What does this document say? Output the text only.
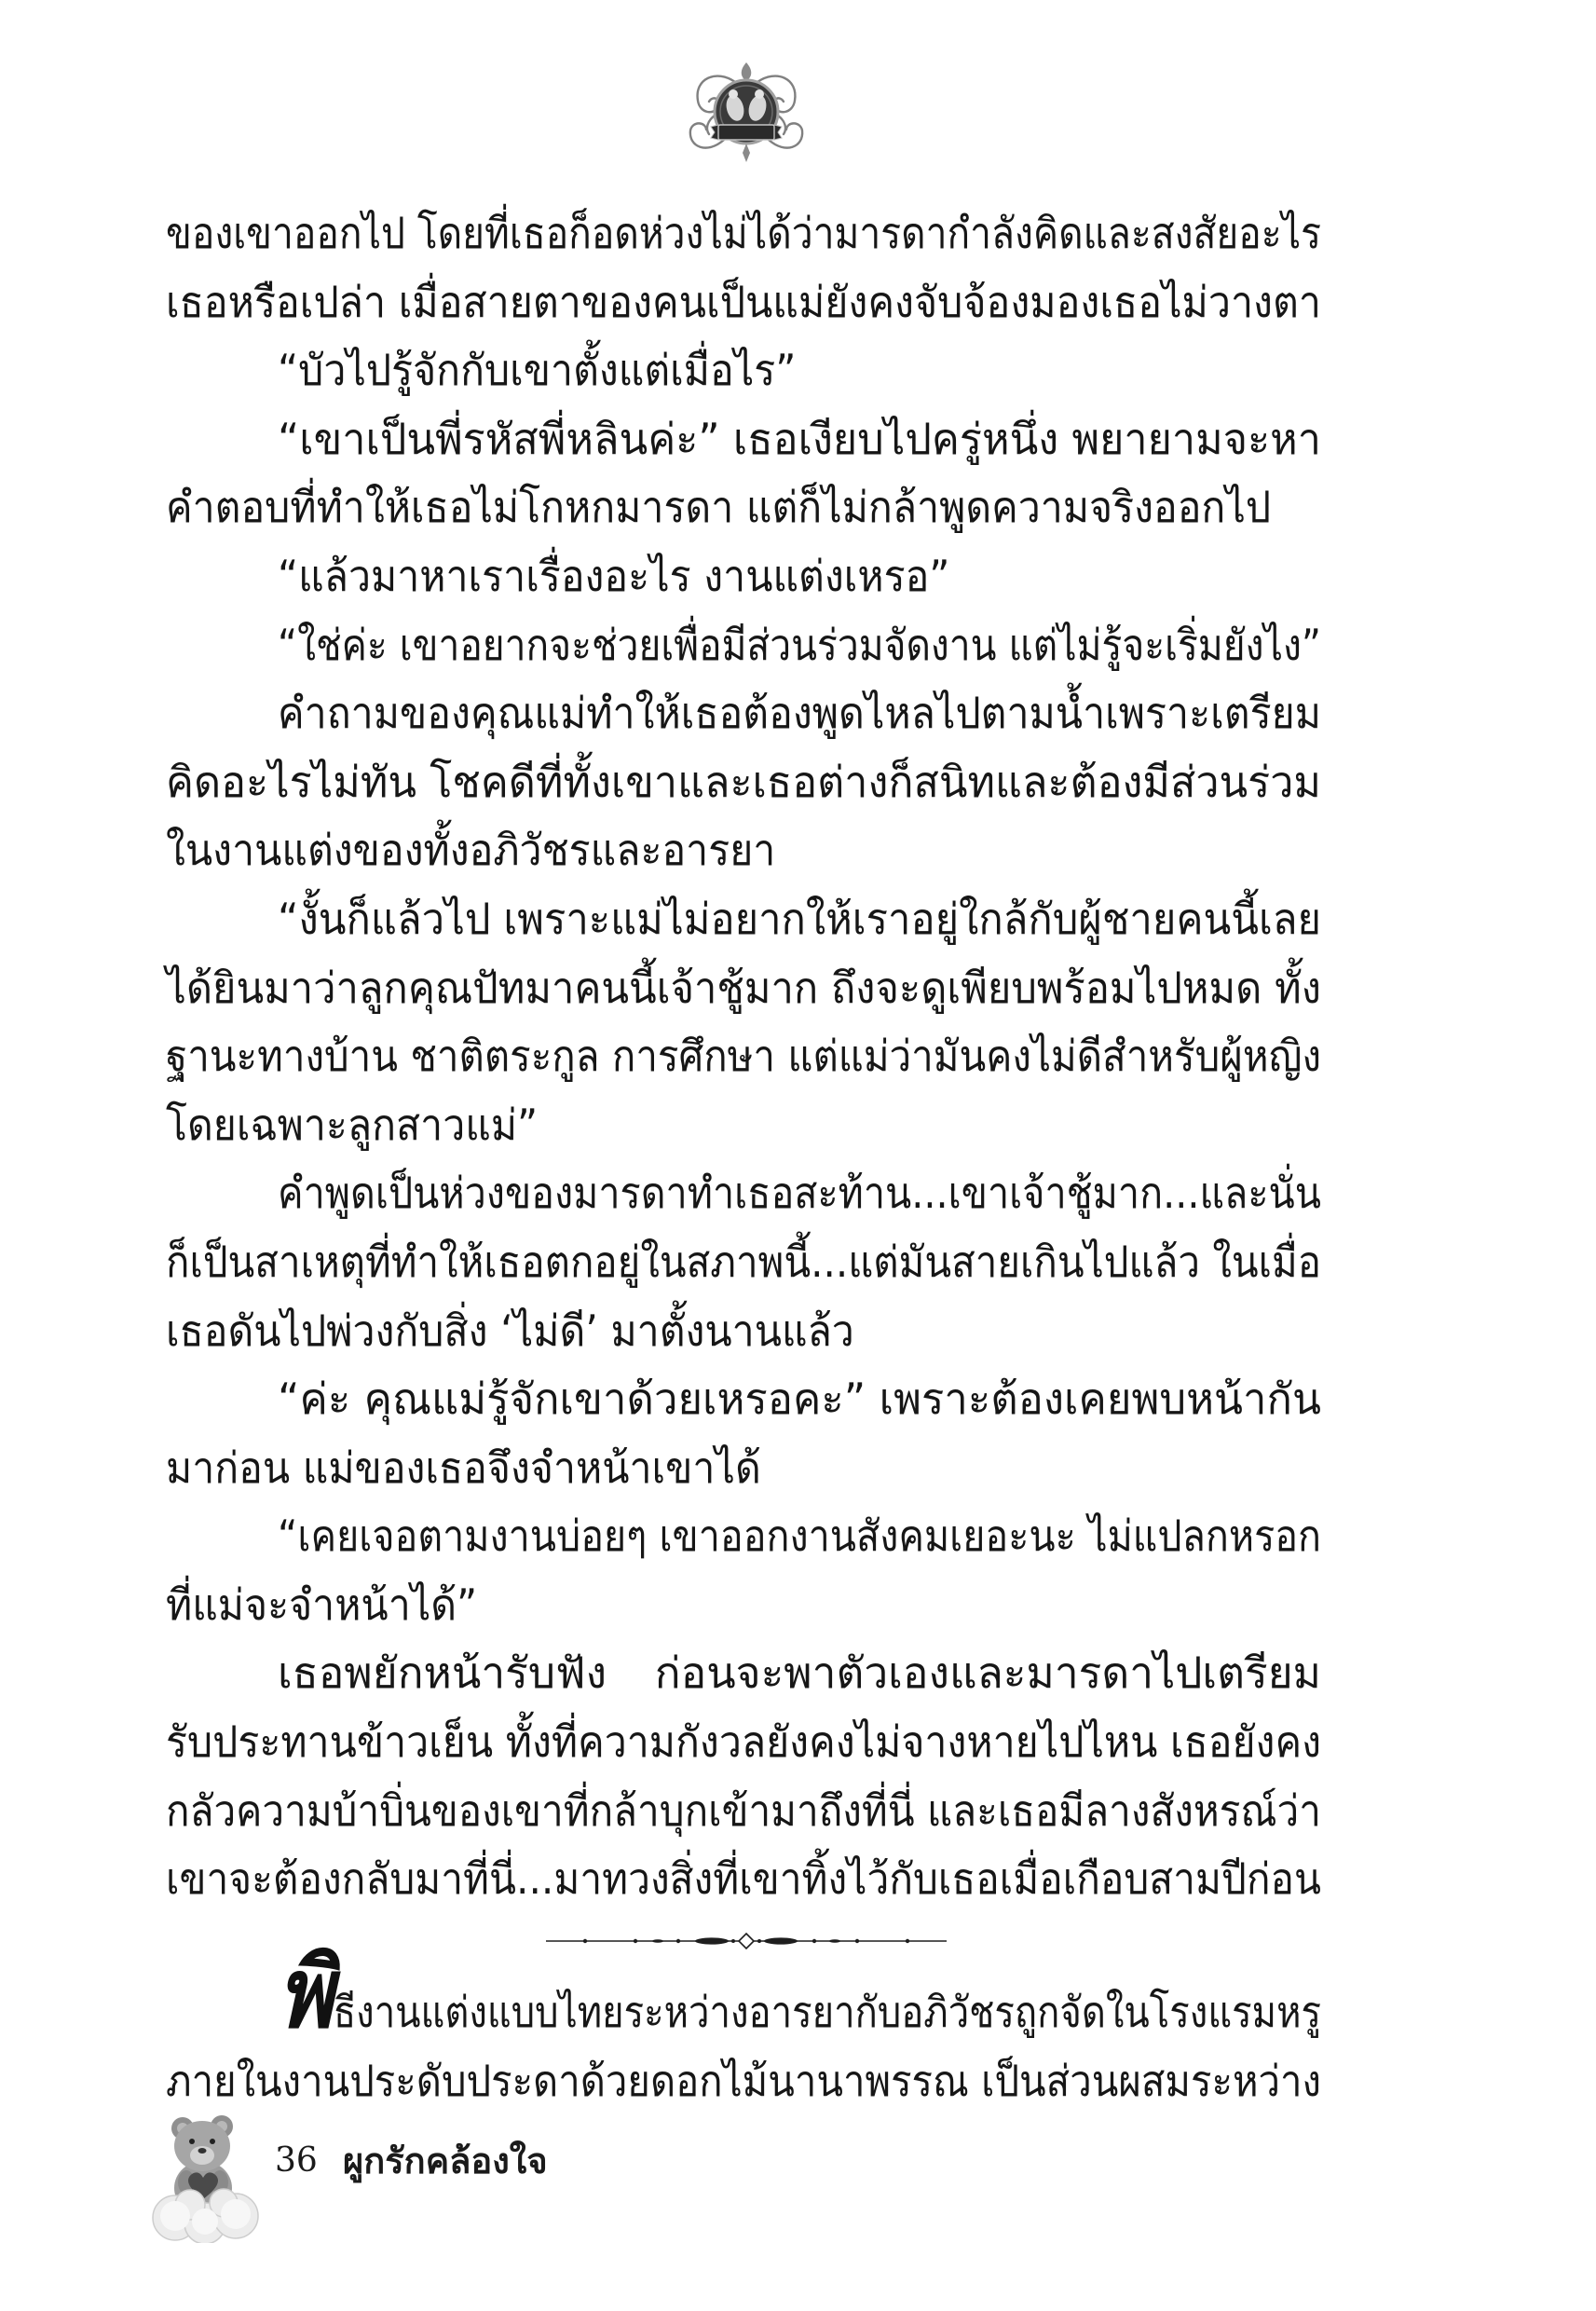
ของเขาออกไป โดยที่เธอก็อดห่วงไม่ได้ว่ามารดากำลังคิดและสงสัยอะไร
เธอหรือเปล่า เมื่อสายตาของคนเป็นแม่ยังคงจับจ้องมองเธอไม่วางตา
“บัวไปรู้จักกับเขาตั้งแต่เมื่อไร”
“เขาเป็นพี่รหัสพี่หลินค่ะ” เธอเงียบไปครู่หนึ่ง พยายามจะหา
คำตอบที่ทำให้เธอไม่โกหกมารดา แต่ก็ไม่กล้าพูดความจริงออกไป
“แล้วมาหาเราเรื่องอะไร งานแต่งเหรอ”
“ใช่ค่ะ เขาอยากจะช่วยเพื่อมีส่วนร่วมจัดงาน แต่ไม่รู้จะเริ่มยังไง”
คำถามของคุณแม่ทำให้เธอต้องพูดไหลไปตามน้ำเพราะเตรียม
คิดอะไรไม่ทัน โชคดีที่ทั้งเขาและเธอต่างก็สนิทและต้องมีส่วนร่วม
ในงานแต่งของทั้งอภิวัชรและอารยา
“งั้นก็แล้วไป เพราะแม่ไม่อยากให้เราอยู่ใกล้กับผู้ชายคนนี้เลย
ได้ยินมาว่าลูกคุณปัทมาคนนี้เจ้าชู้มาก ถึงจะดูเพียบพร้อมไปหมด ทั้ง
ฐานะทางบ้าน ชาติตระกูล การศึกษา แต่แม่ว่ามันคงไม่ดีสำหรับผู้หญิง
โดยเฉพาะลูกสาวแม่”
คำพูดเป็นห่วงของมารดาทำเธอสะท้าน...เขาเจ้าชู้มาก...และนั่น
ก็เป็นสาเหตุที่ทำให้เธอตกอยู่ในสภาพนี้...แต่มันสายเกินไปแล้ว ในเมื่อ
เธอดันไปพ่วงกับสิ่ง ‘ไม่ดี’ มาตั้งนานแล้ว
“ค่ะ คุณแม่รู้จักเขาด้วยเหรอคะ” เพราะต้องเคยพบหน้ากัน
มาก่อน แม่ของเธอจึงจำหน้าเขาได้
“เคยเจอตามงานบ่อยๆ เขาออกงานสังคมเยอะนะ ไม่แปลกหรอก
ที่แม่จะจำหน้าได้”
เธอพยักหน้ารับฟัง ก่อนจะพาตัวเองและมารดาไปเตรียม
รับประทานข้าวเย็น ทั้งที่ความกังวลยังคงไม่จางหายไปไหน เธอยังคง
กลัวความบ้าบิ่นของเขาที่กล้าบุกเข้ามาถึงที่นี่ และเธอมีลางสังหรณ์ว่า
เขาจะต้องกลับมาที่นี่...มาทวงสิ่งที่เขาทิ้งไว้กับเธอเมื่อเกือบสามปีก่อน
พิธีงานแต่งแบบไทยระหว่างอารยากับอภิวัชรถูกจัดในโรงแรมหรู
ภายในงานประดับประดาด้วยดอกไม้นานาพรรณ เป็นส่วนผสมระหว่าง
36 ผูกรักคล้องใจ
